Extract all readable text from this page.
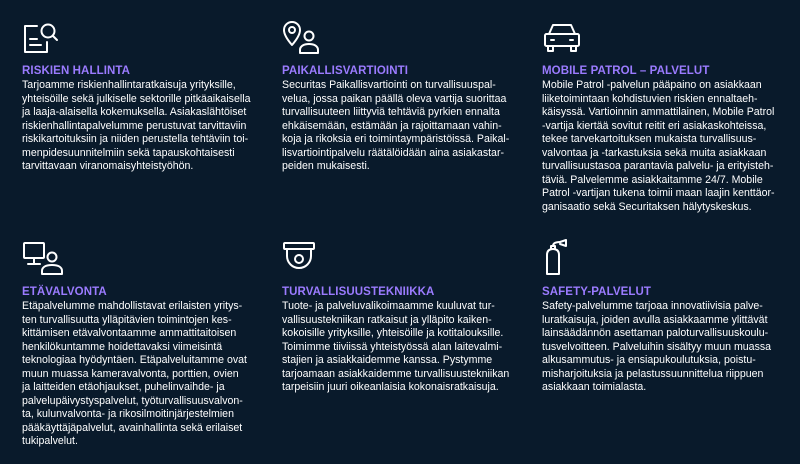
RISKIEN HALLINTA

Tarjoamme riskienhallintaratkaisuja yrityksille,
yhteisöille sekä julkiselle sektorille pitkäaikaisella
ja laaja-alaisella kokemuksella. Asiakaslähtöiset
riskienhallintapalvelumme perustuvat tarvittaviin
riskikartoituksiin ja niiden perustella tehtäviin toi-
menpidesuunnitelmiin sekä tapauskohtaisesti
tarvittavaan viranomaisyhteistyöhön.

PAIKALLISVARTIOINTI

Securitas Paikallisvartiointi on turvallisuuspal-
velua, jossa paikan päällä oleva vartija suorittaa
turvallisuuteen liittyviä tehtäviä pyrkien ennalta
ehkäisemään, estämään ja rajoittamaan vahin-
koja ja rikoksia eri toimintaympäristöissä. Paikal-
lisvartiointipalvelu räätälöidään aina asiakastar-
peiden mukaisesti.

MOBILE PATROL – PALVELUT

Mobile Patrol -palvelun pääpaino on asiakkaan
liiketoimintaan kohdistuvien riskien ennaltaeh-
käisyssä. Vartioinnin ammattilainen, Mobile Patrol
-vartija kiertää sovitut reitit eri asiakaskohteissa,
tekee tarvekartoituksen mukaista turvallisuus-
valvontaa ja -tarkastuksia sekä muita asiakkaan
turvallisuustasoa parantavia palvelu- ja erityisteh-
täviä. Palvelemme asiakkaitamme 24/7. Mobile
Patrol -vartijan tukena toimii maan laajin kenttäor-
ganisaatio sekä Securitaksen hälytyskeskus.

ETÄVALVONTA

Etäpalvelumme mahdollistavat erilaisten yritys-
ten turvallisuutta ylläpitävien toimintojen kes-
kittämisen etävalvontaamme ammattitaitoisen
henkilökuntamme hoidettavaksi viimeisintä
teknologiaa hyödyntäen. Etäpalveluitamme ovat
muun muassa kameravalvonta, porttien, ovien
ja laitteiden etäohjaukset, puhelinvaihde- ja
palvelupäivystyspalvelut, työturvallisuusvalvon-
ta, kulunvalvonta- ja rikosilmoitinjärjestelmien
pääkäyttäjäpalvelut, avainhallinta sekä erilaiset
tukipalvelut.

TURVALLISUUSTEKNIIKKA

Tuote- ja palveluvalikoimaamme kuuluvat tur-
vallisuustekniikan ratkaisut ja ylläpito kaiken-
kokoisille yrityksille, yhteisöille ja kotitalouksille.
Toimimme tiiviissä yhteistyössä alan laitevalmi-
stajien ja asiakkaidemme kanssa. Pystymme
tarjoamaan asiakkaidemme turvallisuustekniikan
tarpeisiin juuri oikeanlaisia kokonaisratkaisuja.

SAFETY-PALVELUT

Safety-palvelumme tarjoaa innovatiivisia palve-
luratkaisuja, joiden avulla asiakkaamme ylittävät
lainsäädännön asettaman paloturvallisuuskoulu-
tusvelvoitteen. Palveluihin sisältyy muun muassa
alkusammutus- ja ensiapukoulutuksia, poistu-
misharjoituksia ja pelastussuunnittelua riippuen
asiakkaan toimialasta.
